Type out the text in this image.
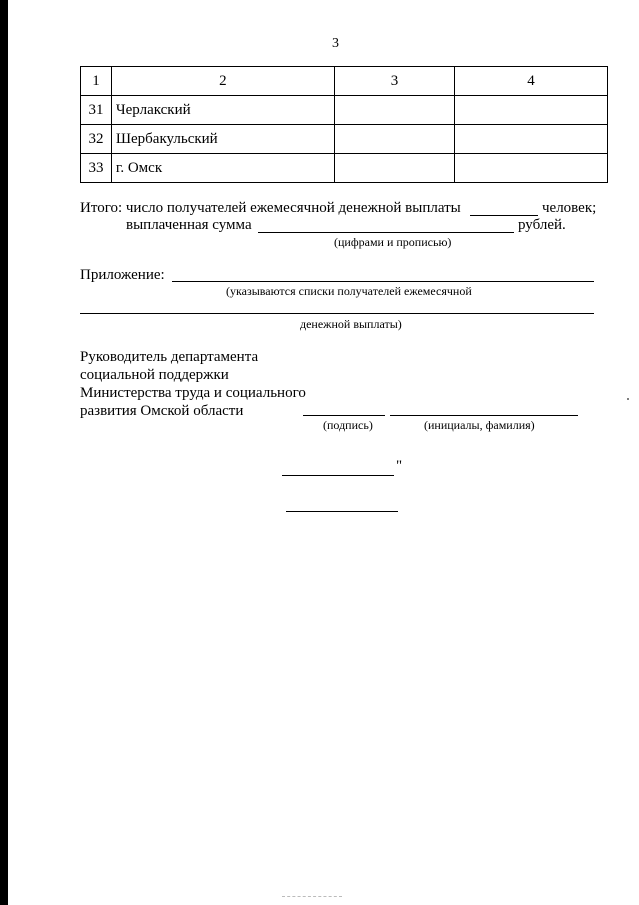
3
1	2	3	4
31	Черлакский		
32	Шербакульский		
33	г. Омск		
Итого: число получателей ежемесячной денежной выплаты	человек;
выплаченная сумма	рублей.
(цифрами и прописью)
Приложение:
(указываются списки получателей ежемесячной
денежной выплаты)
Руководитель департамента
социальной поддержки
Министерства труда и социального
развития Омской области
(подпись)	(инициалы, фамилия)
"
